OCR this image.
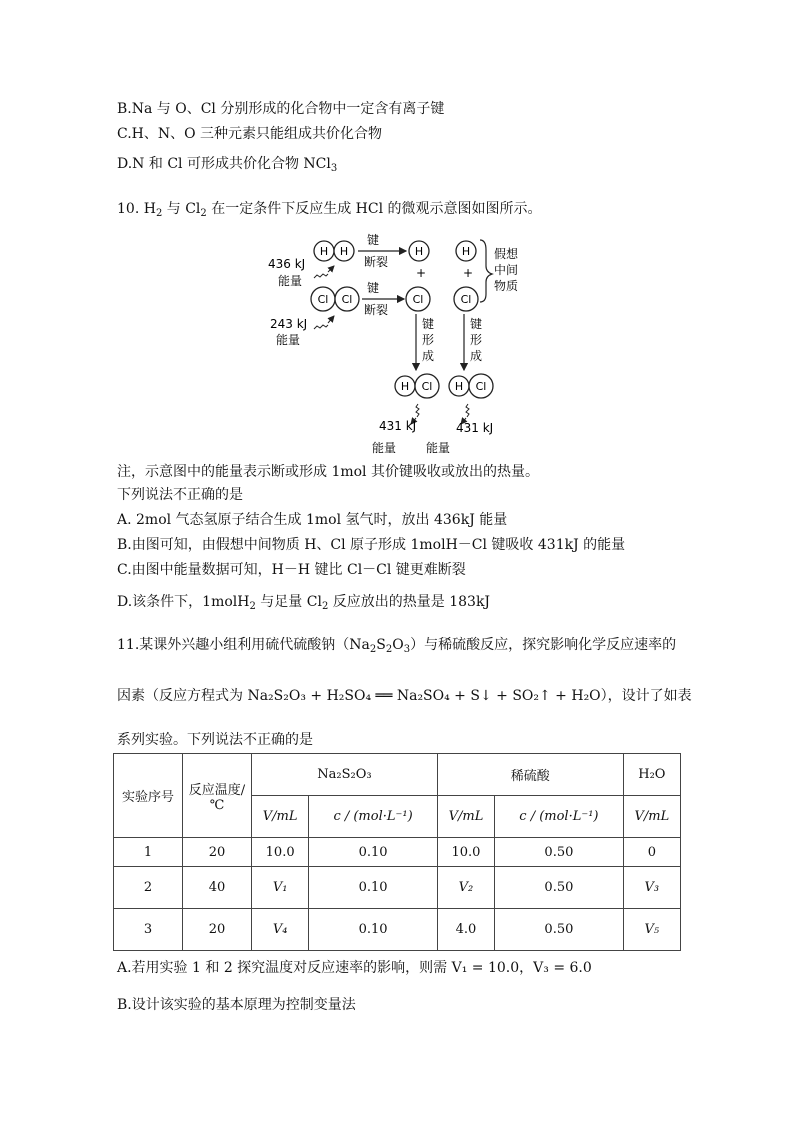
B.Na 与 O、Cl 分别形成的化合物中一定含有离子键
C.H、N、O 三种元素只能组成共价化合物
D.N 和 Cl 可形成共价化合物 NCl$_3$
10. $H_2$ 与 $Cl_2$ 在一定条件下反应生成 HCl 的微观示意图如图所示。
H H
键
断裂
H
+
H
+
假想
中间
物质
436 kJ
能量
Cl Cl
键
断裂
Cl	Cl
243 kJ
能量
键
形
成
键
形
成
H Cl H Cl
431 kJ	431 kJ
能量 能量
注，示意图中的能量表示断或形成 1mol 其价键吸收或放出的热量。
下列说法不正确的是
A. 2mol 气态氢原子结合生成 1mol 氢气时，放出 436kJ 能量
B.由图可知，由假想中间物质 H、Cl 原子形成 1molH－Cl 键吸收 431kJ 的能量
C.由图中能量数据可知，H－H 键比 Cl－Cl 键更难断裂
D.该条件下，1molH$_2$ 与足量 $Cl_2$ 反应放出的热量是 183kJ
11.某课外兴趣小组利用硫代硫酸钠$(Na_2S_2O_3)$与稀硫酸反应，探究影响化学反应速率的
因素（反应方程式为 Na₂S₂O₃ + H₂SO₄ ══ Na₂SO₄ + S↓ + SO₂↑ + H₂O），设计了如表
系列实验。下列说法不正确的是
实验序号	反应温度/℃	Na₂S₂O₃		稀硫酸		H₂O
		V/mL	c / (mol·L⁻¹)	V/mL	c / (mol·L⁻¹)	V/mL
1	20	10.0	0.10	10.0	0.50	0
2	40	V₁	0.10	V₂	0.50	V₃
3	20	V₄	0.10	4.0	0.50	V₅
A.若用实验 1 和 2 探究温度对反应速率的影响，则需 V₁ = 10.0，V₃ = 6.0
B.设计该实验的基本原理为控制变量法
